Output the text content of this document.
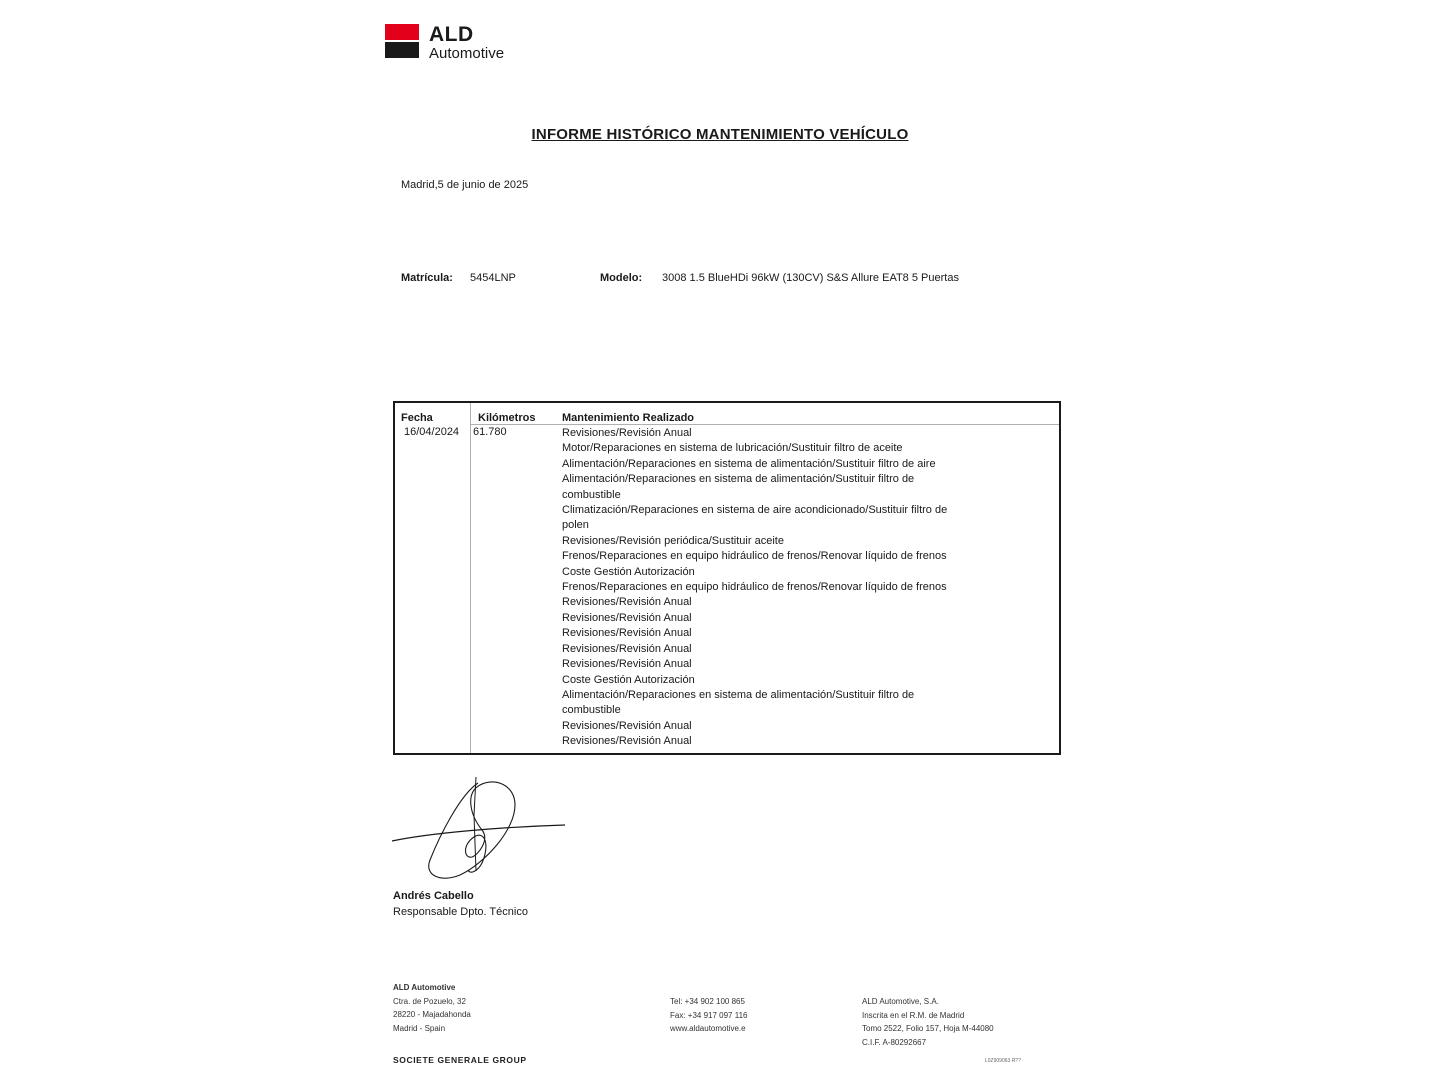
ALD
Automotive
INFORME HISTÓRICO MANTENIMIENTO VEHÍCULO
Madrid,5 de junio de 2025
Matrícula: 5454LNP	Modelo: 3008 1.5 BlueHDi 96kW (130CV) S&S Allure EAT8 5 Puertas
Fecha	Kilómetros Mantenimiento Realizado
16/04/2024 61.780	Revisiones/Revisión Anual
Motor/Reparaciones en sistema de lubricación/Sustituir filtro de aceite
Alimentación/Reparaciones en sistema de alimentación/Sustituir filtro de aire
Alimentación/Reparaciones en sistema de alimentación/Sustituir filtro de
combustible
Climatización/Reparaciones en sistema de aire acondicionado/Sustituir filtro de
polen
Revisiones/Revisión periódica/Sustituir aceite
Frenos/Reparaciones en equipo hidráulico de frenos/Renovar líquido de frenos
Coste Gestión Autorización
Frenos/Reparaciones en equipo hidráulico de frenos/Renovar líquido de frenos
Revisiones/Revisión Anual
Revisiones/Revisión Anual
Revisiones/Revisión Anual
Revisiones/Revisión Anual
Revisiones/Revisión Anual
Coste Gestión Autorización
Alimentación/Reparaciones en sistema de alimentación/Sustituir filtro de
combustible
Revisiones/Revisión Anual
Revisiones/Revisión Anual
Andrés Cabello
Responsable Dpto. Técnico
ALD Automotive
Ctra. de Pozuelo, 32
28220 - Majadahonda
Madrid - Spain
Tel: +34 902 100 865
Fax: +34 917 097 116
www.aldautomotive.e
ALD Automotive, S.A.
Inscrita en el R.M. de Madrid
Tomo 2522, Folio 157, Hoja M-44080
C.I.F. A-80292667
SOCIETE GENERALE GROUP	L0Z909063 R??
